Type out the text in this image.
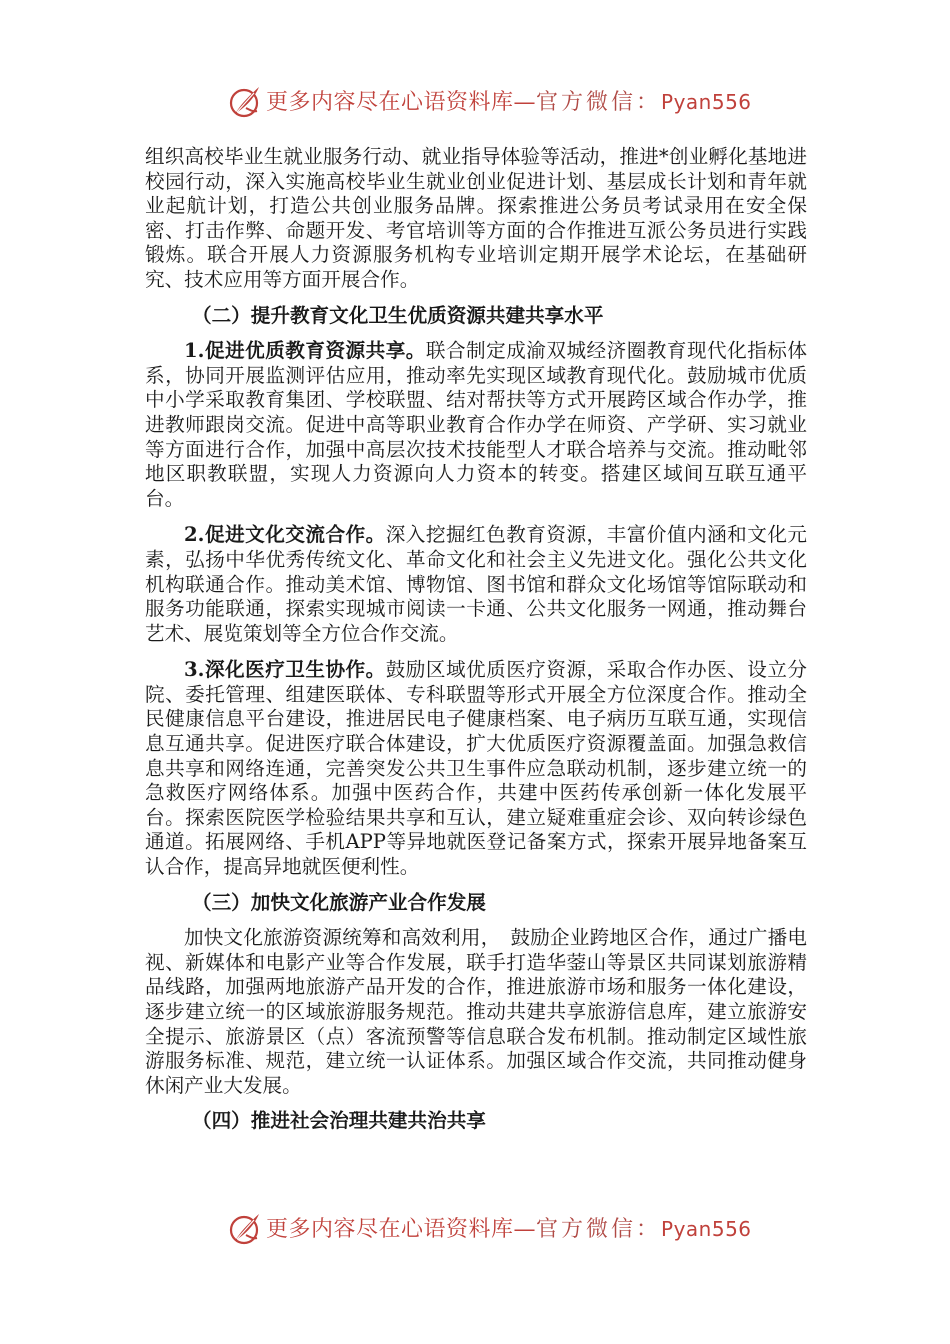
更多内容尽在心语资料库—官方微信：Pyan556

组织高校毕业生就业服务行动、就业指导体验等活动，推进*创业孵化基地进校园行动，深入实施高校毕业生就业创业促进计划、基层成长计划和青年就业起航计划，打造公共创业服务品牌。探索推进公务员考试录用在安全保密、打击作弊、命题开发、考官培训等方面的合作推进互派公务员进行实践锻炼。联合开展人力资源服务机构专业培训定期开展学术论坛，在基础研究、技术应用等方面开展合作。

（二）提升教育文化卫生优质资源共建共享水平

1.促进优质教育资源共享。联合制定成渝双城经济圈教育现代化指标体系，协同开展监测评估应用，推动率先实现区域教育现代化。鼓励城市优质中小学采取教育集团、学校联盟、结对帮扶等方式开展跨区域合作办学，推进教师跟岗交流。促进中高等职业教育合作办学在师资、产学研、实习就业等方面进行合作，加强中高层次技术技能型人才联合培养与交流。推动毗邻地区职教联盟，实现人力资源向人力资本的转变。搭建区域间互联互通平台。

2.促进文化交流合作。深入挖掘红色教育资源，丰富价值内涵和文化元素，弘扬中华优秀传统文化、革命文化和社会主义先进文化。强化公共文化机构联通合作。推动美术馆、博物馆、图书馆和群众文化场馆等馆际联动和服务功能联通，探索实现城市阅读一卡通、公共文化服务一网通，推动舞台艺术、展览策划等全方位合作交流。

3.深化医疗卫生协作。鼓励区域优质医疗资源，采取合作办医、设立分院、委托管理、组建医联体、专科联盟等形式开展全方位深度合作。推动全民健康信息平台建设，推进居民电子健康档案、电子病历互联互通，实现信息互通共享。促进医疗联合体建设，扩大优质医疗资源覆盖面。加强急救信息共享和网络连通，完善突发公共卫生事件应急联动机制，逐步建立统一的急救医疗网络体系。加强中医药合作，共建中医药传承创新一体化发展平台。探索医院医学检验结果共享和互认，建立疑难重症会诊、双向转诊绿色通道。拓展网络、手机APP等异地就医登记备案方式，探索开展异地备案互认合作，提高异地就医便利性。

（三）加快文化旅游产业合作发展

加快文化旅游资源统筹和高效利用，　鼓励企业跨地区合作，通过广播电视、新媒体和电影产业等合作发展，联手打造华蓥山等景区共同谋划旅游精品线路，加强两地旅游产品开发的合作，推进旅游市场和服务一体化建设，逐步建立统一的区域旅游服务规范。推动共建共享旅游信息库，建立旅游安全提示、旅游景区（点）客流预警等信息联合发布机制。推动制定区域性旅游服务标准、规范，建立统一认证体系。加强区域合作交流，共同推动健身休闲产业大发展。

（四）推进社会治理共建共治共享
更多内容尽在心语资料库—官方微信：Pyan556
